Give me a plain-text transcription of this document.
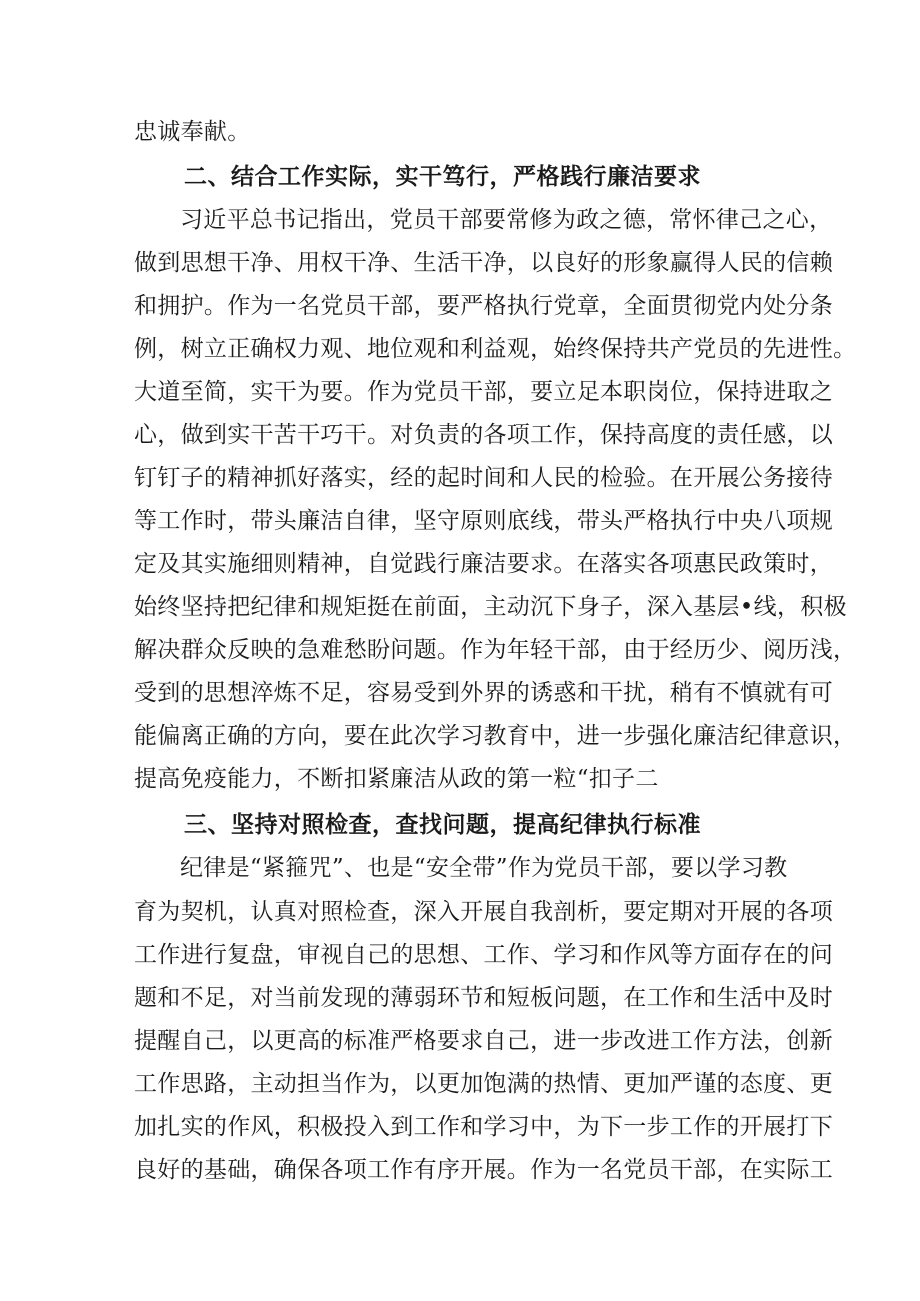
忠诚奉献。
二、结合工作实际，实干笃行，严格践行廉洁要求
习近平总书记指出，党员干部要常修为政之德，常怀律己之心，
做到思想干净、用权干净、生活干净，以良好的形象赢得人民的信赖
和拥护。作为一名党员干部，要严格执行党章，全面贯彻党内处分条
例，树立正确权力观、地位观和利益观，始终保持共产党员的先进性。
大道至简，实干为要。作为党员干部，要立足本职岗位，保持进取之
心，做到实干苦干巧干。对负责的各项工作，保持高度的责任感，以
钉钉子的精神抓好落实，经的起时间和人民的检验。在开展公务接待
等工作时，带头廉洁自律，坚守原则底线，带头严格执行中央八项规
定及其实施细则精神，自觉践行廉洁要求。在落实各项惠民政策时，
始终坚持把纪律和规矩挺在前面，主动沉下身子，深入基层•线，积极
解决群众反映的急难愁盼问题。作为年轻干部，由于经历少、阅历浅，
受到的思想淬炼不足，容易受到外界的诱惑和干扰，稍有不慎就有可
能偏离正确的方向，要在此次学习教育中，进一步强化廉洁纪律意识，
提高免疫能力，不断扣紧廉洁从政的第一粒“扣子二
三、坚持对照检查，查找问题，提高纪律执行标准
纪律是“紧箍咒”、也是“安全带”作为党员干部，要以学习教
育为契机，认真对照检查，深入开展自我剖析，要定期对开展的各项
工作进行复盘，审视自己的思想、工作、学习和作风等方面存在的问
题和不足，对当前发现的薄弱环节和短板问题，在工作和生活中及时
提醒自己，以更高的标准严格要求自己，进一步改进工作方法，创新
工作思路，主动担当作为，以更加饱满的热情、更加严谨的态度、更
加扎实的作风，积极投入到工作和学习中，为下一步工作的开展打下
良好的基础，确保各项工作有序开展。作为一名党员干部，在实际工
